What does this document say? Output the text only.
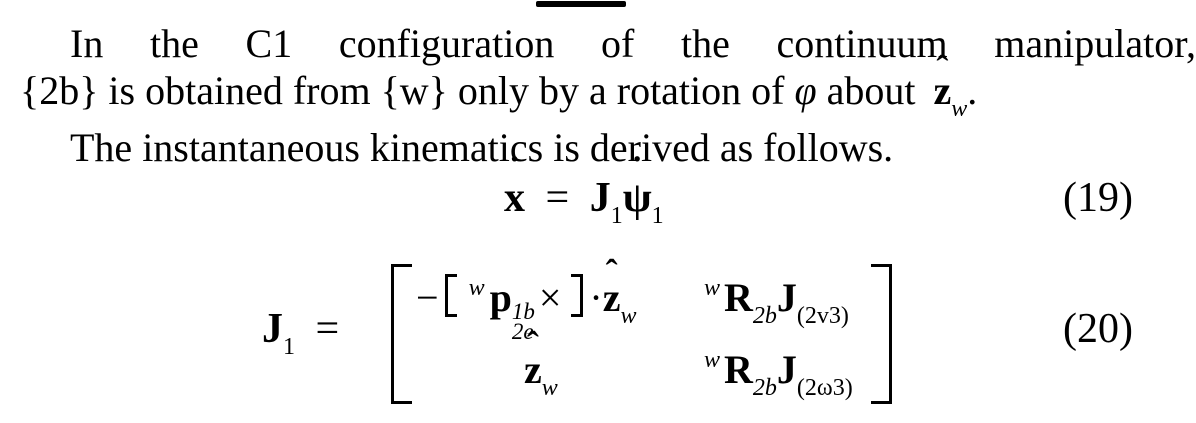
In the C1 configuration of the continuum manipulator,
{2b} is obtained from {w} only by a rotation of φ about ˆ $z_w$.
The instantaneous kinematics is derived as follows.
˙ $x = J_1˙$ $\psi_1$	(19)
$J_1$ =
− $^w$ p 1b
2e
× ·ˆ $z_w$
$^w$ $R_{2b}J_{(2v3)}$
ˆ $z_w$
$^w$ $R_{2b}J_{(2\omega 3)}$
(20)
